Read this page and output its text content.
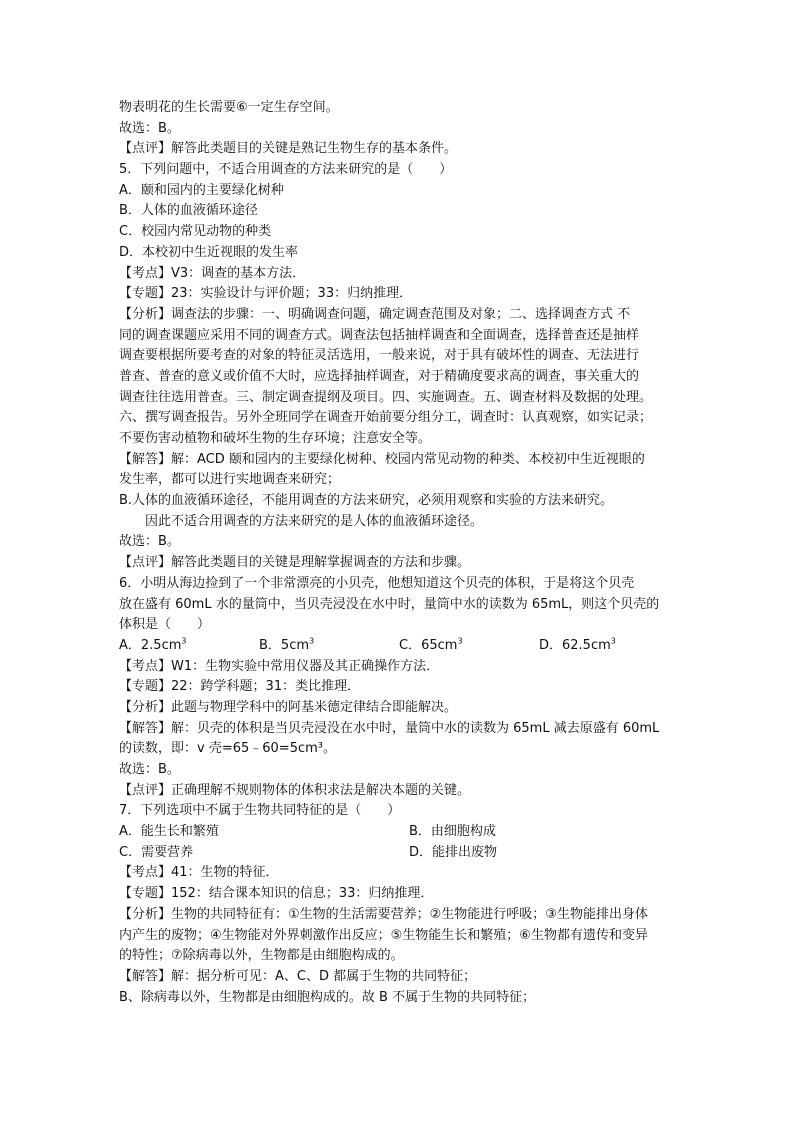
物表明花的生长需要⑥一定生存空间。
故选：B。
【点评】解答此类题目的关键是熟记生物生存的基本条件。
5．下列问题中，不适合用调查的方法来研究的是（　　）
A．颐和园内的主要绿化树种
B．人体的血液循环途径
C．校园内常见动物的种类
D．本校初中生近视眼的发生率
【考点】V3：调查的基本方法．
【专题】23：实验设计与评价题；33：归纳推理．
【分析】调查法的步骤：一、明确调查问题，确定调查范围及对象；二、选择调查方式 不
同的调查课题应采用不同的调查方式。调查法包括抽样调查和全面调查，选择普查还是抽样
调查要根据所要考查的对象的特征灵活选用，一般来说，对于具有破坏性的调查、无法进行
普查、普查的意义或价值不大时，应选择抽样调查，对于精确度要求高的调查，事关重大的
调查往往选用普查。三、制定调查提纲及项目。四、实施调查。五、调查材料及数据的处理。
六、撰写调查报告。另外全班同学在调查开始前要分组分工，调查时：认真观察，如实记录；
不要伤害动植物和破坏生物的生存环境；注意安全等。
【解答】解：ACD 颐和园内的主要绿化树种、校园内常见动物的种类、本校初中生近视眼的
发生率，都可以进行实地调查来研究；
B.人体的血液循环途径，不能用调查的方法来研究，必须用观察和实验的方法来研究。
因此不适合用调查的方法来研究的是人体的血液循环途径。
故选：B。
【点评】解答此类题目的关键是理解掌握调查的方法和步骤。
6．小明从海边捡到了一个非常漂亮的小贝壳，他想知道这个贝壳的体积，于是将这个贝壳
放在盛有 60mL 水的量筒中，当贝壳浸没在水中时，量筒中水的读数为 65mL，则这个贝壳的
体积是（　　）
A．$2.5cm^3$	B．$5cm^3$	C．$65cm^3$	D．$62.5cm^3$
【考点】W1：生物实验中常用仪器及其正确操作方法．
【专题】22：跨学科题；31：类比推理．
【分析】此题与物理学科中的阿基米德定律结合即能解决。
【解答】解：贝壳的体积是当贝壳浸没在水中时，量筒中水的读数为 65mL 减去原盛有 60mL
的读数，即：v 壳=65﹣60=5cm³。
故选：B。
【点评】正确理解不规则物体的体积求法是解决本题的关键。
7．下列选项中不属于生物共同特征的是（　　）
A．能生长和繁殖	B．由细胞构成
C．需要营养	D．能排出废物
【考点】41：生物的特征．
【专题】152：结合课本知识的信息；33：归纳推理．
【分析】生物的共同特征有：①生物的生活需要营养；②生物能进行呼吸；③生物能排出身体
内产生的废物；④生物能对外界刺激作出反应；⑤生物能生长和繁殖；⑥生物都有遗传和变异
的特性；⑦除病毒以外，生物都是由细胞构成的。
【解答】解：据分析可见：A、C、D 都属于生物的共同特征；
B、除病毒以外，生物都是由细胞构成的。故 B 不属于生物的共同特征；
